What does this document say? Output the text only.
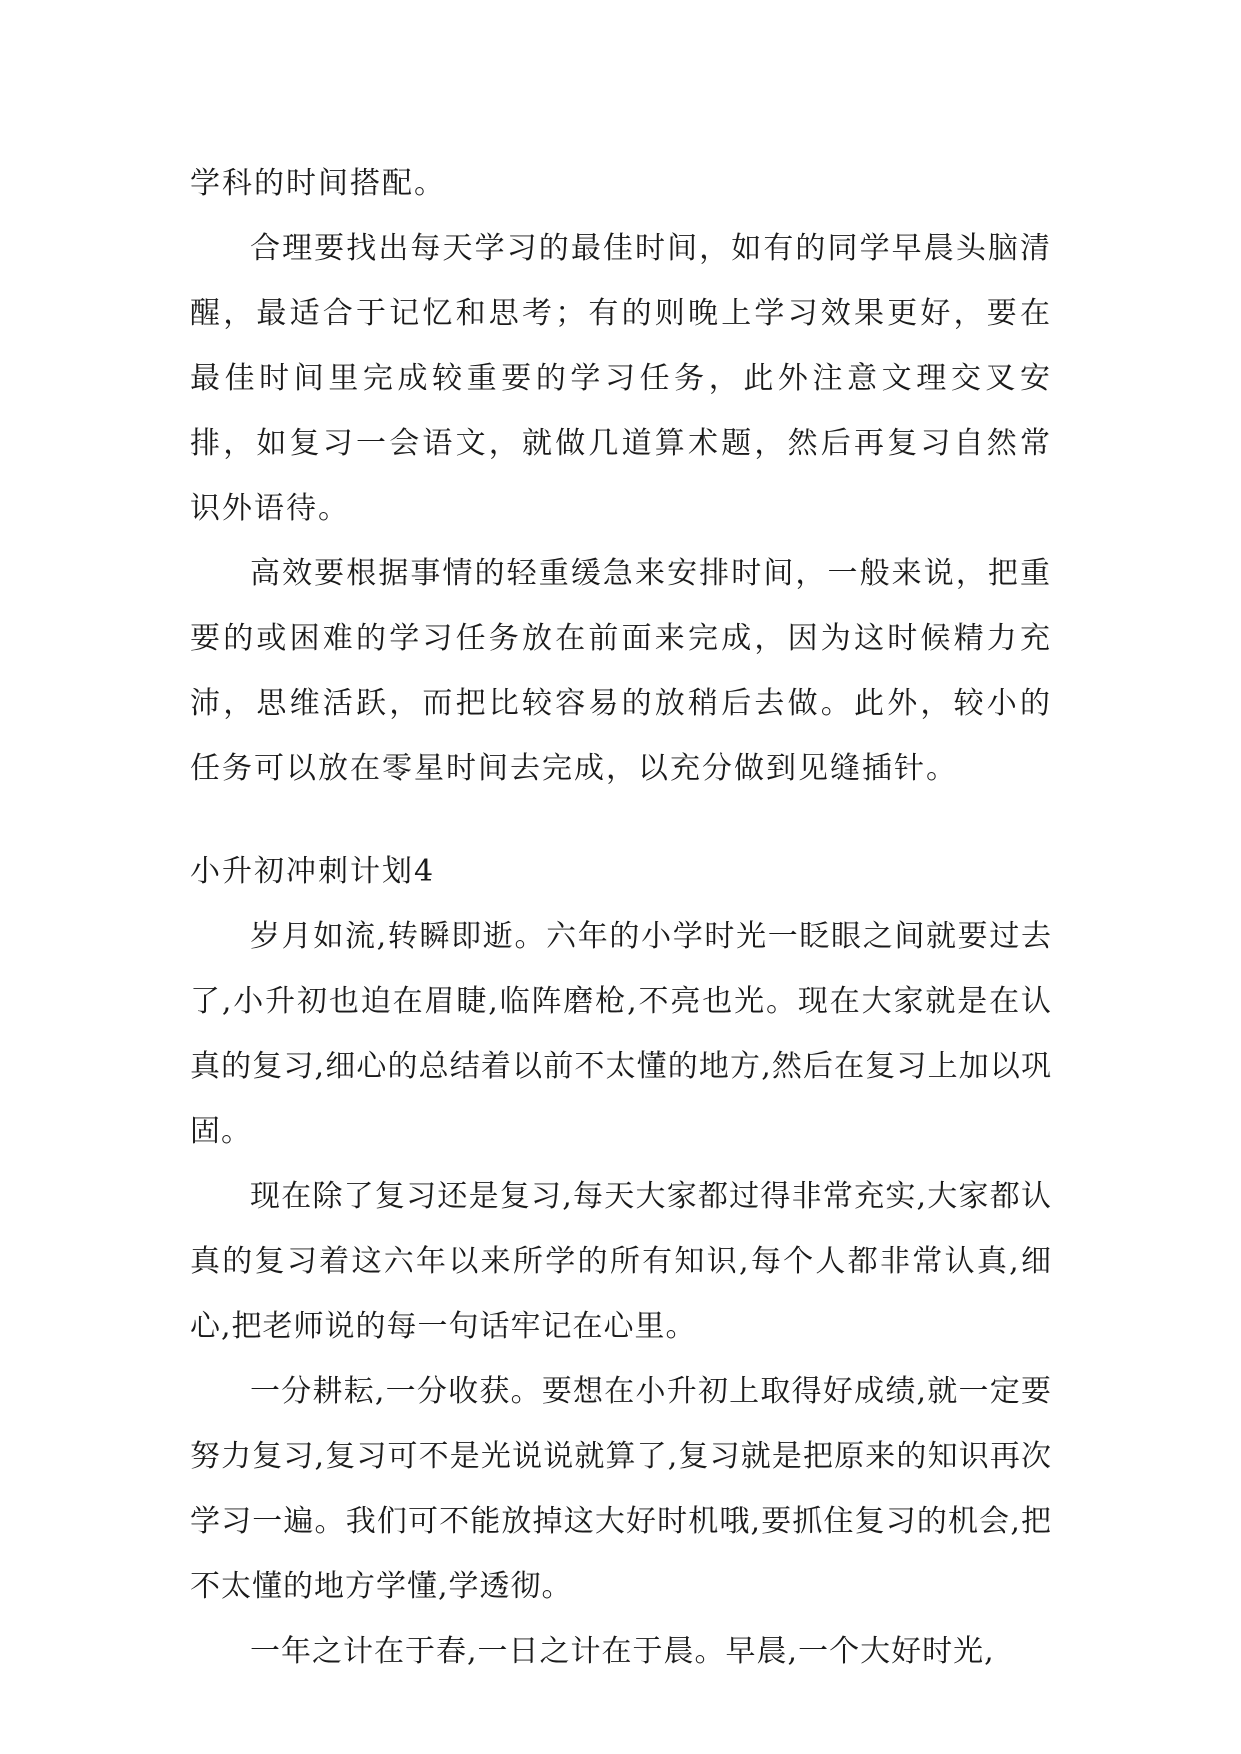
学科的时间搭配。

合理要找出每天学习的最佳时间，如有的同学早晨头脑清醒，最适合于记忆和思考；有的则晚上学习效果更好，要在最佳时间里完成较重要的学习任务，此外注意文理交叉安排，如复习一会语文，就做几道算术题，然后再复习自然常识外语待。

高效要根据事情的轻重缓急来安排时间，一般来说，把重要的或困难的学习任务放在前面来完成，因为这时候精力充沛，思维活跃，而把比较容易的放稍后去做。此外，较小的任务可以放在零星时间去完成，以充分做到见缝插针。

小升初冲刺计划4

岁月如流,转瞬即逝。六年的小学时光一眨眼之间就要过去了,小升初也迫在眉睫,临阵磨枪,不亮也光。现在大家就是在认真的复习,细心的总结着以前不太懂的地方,然后在复习上加以巩固。

现在除了复习还是复习,每天大家都过得非常充实,大家都认真的复习着这六年以来所学的所有知识,每个人都非常认真,细心,把老师说的每一句话牢记在心里。

一分耕耘,一分收获。要想在小升初上取得好成绩,就一定要努力复习,复习可不是光说说就算了,复习就是把原来的知识再次学习一遍。我们可不能放掉这大好时机哦,要抓住复习的机会,把不太懂的地方学懂,学透彻。

一年之计在于春,一日之计在于晨。早晨,一个大好时光,
